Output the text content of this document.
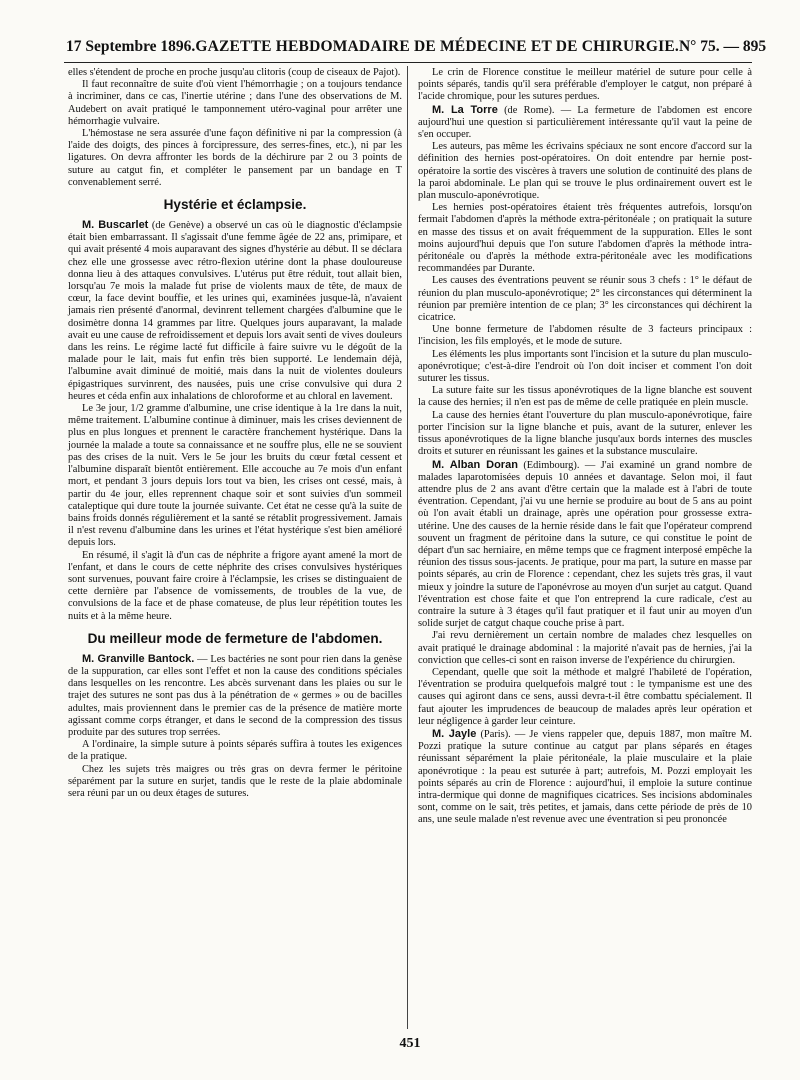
17 Septembre 1896. GAZETTE HEBDOMADAIRE DE MÉDECINE ET DE CHIRURGIE. N° 75. — 895

elles s'étendent de proche en proche jusqu'au clitoris (coup de ciseaux de Pajot).

Il faut reconnaître de suite d'où vient l'hémorrhagie ; on a toujours tendance à incriminer, dans ce cas, l'inertie utérine ; dans l'une des observations de M. Audebert on avait pratiqué le tamponnement utéro-vaginal pour arrêter une hémorrhagie vulvaire.

L'hémostase ne sera assurée d'une façon définitive ni par la compression (à l'aide des doigts, des pinces à forcipressure, des serres-fines, etc.), ni par les ligatures. On devra affronter les bords de la déchirure par 2 ou 3 points de suture au catgut fin, et compléter le pansement par un bandage en T convenablement serré.

Hystérie et éclampsie.

M. Buscarlet (de Genève) a observé un cas où le diagnostic d'éclampsie était bien embarrassant. Il s'agissait d'une femme âgée de 22 ans, primipare, et qui avait présenté 4 mois auparavant des signes d'hystérie au début. Il se déclara chez elle une grossesse avec rétro-flexion utérine dont la phase douloureuse donna lieu à des attaques convulsives. L'utérus put être réduit, tout allait bien, lorsqu'au 7e mois la malade fut prise de violents maux de tête, de maux de cœur, la face devint bouffie, et les urines qui, examinées jusque-là, n'avaient jamais rien présenté d'anormal, devinrent tellement chargées d'albumine que le dosimètre donna 14 grammes par litre. Quelques jours auparavant, la malade avait eu une cause de refroidissement et depuis lors avait senti de vives douleurs dans les reins. Le régime lacté fut difficile à faire suivre vu le dégoût de la malade pour le lait, mais fut enfin très bien supporté. Le lendemain déjà, l'albumine avait diminué de moitié, mais dans la nuit de violentes douleurs épigastriques survinrent, des nausées, puis une crise convulsive qui dura 2 heures et céda enfin aux inhalations de chloroforme et au chloral en lavement.

Le 3e jour, 1/2 gramme d'albumine, une crise identique à la 1re dans la nuit, même traitement. L'albumine continue à diminuer, mais les crises deviennent de plus en plus longues et prennent le caractère franchement hystérique. Dans la journée la malade a toute sa connaissance et ne souffre plus, elle ne se souvient pas des crises de la nuit. Vers le 5e jour les bruits du cœur fœtal cessent et l'albumine disparaît bientôt entièrement. Elle accouche au 7e mois d'un enfant mort, et pendant 3 jours depuis lors tout va bien, les crises ont cessé, mais, à partir du 4e jour, elles reprennent chaque soir et sont suivies d'un sommeil cataleptique qui dure toute la journée suivante. Cet état ne cesse qu'à la suite de bains froids donnés régulièrement et la santé se rétablit progressivement. Jamais il n'est revenu d'albumine dans les urines et l'état hystérique s'est bien amélioré depuis lors.

En résumé, il s'agit là d'un cas de néphrite a frigore ayant amené la mort de l'enfant, et dans le cours de cette néphrite des crises convulsives hystériques sont survenues, pouvant faire croire à l'éclampsie, les crises se distinguaient de cette dernière par l'absence de vomissements, de troubles de la vue, de convulsions de la face et de phase comateuse, de plus leur répétition toutes les nuits et à la même heure.

Du meilleur mode de fermeture de l'abdomen.

M. Granville Bantock. — Les bactéries ne sont pour rien dans la genèse de la suppuration, car elles sont l'effet et non la cause des conditions spéciales dans lesquelles on les rencontre. Les abcès survenant dans les plaies ou sur le trajet des sutures ne sont pas dus à la pénétration de « germes » ou de bacilles adultes, mais proviennent dans le premier cas de la présence de matière morte agissant comme corps étranger, et dans le second de la compression des tissus produite par des sutures trop serrées.

A l'ordinaire, la simple suture à points séparés suffira à toutes les exigences de la pratique.

Chez les sujets très maigres ou très gras on devra fermer le péritoine séparément par la suture en surjet, tandis que le reste de la plaie abdominale sera réuni par un ou deux étages de sutures.

Le crin de Florence constitue le meilleur matériel de suture pour celle à points séparés, tandis qu'il sera préférable d'employer le catgut, non préparé à l'acide chromique, pour les sutures perdues.

M. La Torre (de Rome). — La fermeture de l'abdomen est encore aujourd'hui une question si particulièrement intéressante qu'il vaut la peine de s'en occuper.

Les auteurs, pas même les écrivains spéciaux ne sont encore d'accord sur la définition des hernies post-opératoires. On doit entendre par hernie post-opératoire la sortie des viscères à travers une solution de continuité des plans de la paroi abdominale. Le plan qui se trouve le plus ordinairement ouvert est le plan musculo-aponévrotique.

Les hernies post-opératoires étaient très fréquentes autrefois, lorsqu'on fermait l'abdomen d'après la méthode extra-péritonéale ; on pratiquait la suture en masse des tissus et on avait fréquemment de la suppuration. Elles le sont moins aujourd'hui depuis que l'on suture l'abdomen d'après la méthode intra-péritonéale ou d'après la méthode extra-péritonéale avec les modifications recommandées par Durante.

Les causes des éventrations peuvent se réunir sous 3 chefs : 1° le défaut de réunion du plan musculo-aponévrotique; 2° les circonstances qui déterminent la réunion par première intention de ce plan; 3° les circonstances qui déchirent la cicatrice.

Une bonne fermeture de l'abdomen résulte de 3 facteurs principaux : l'incision, les fils employés, et le mode de suture.

Les éléments les plus importants sont l'incision et la suture du plan musculo-aponévrotique; c'est-à-dire l'endroit où l'on doit inciser et comment l'on doit suturer les tissus.

La suture faite sur les tissus aponévrotiques de la ligne blanche est souvent la cause des hernies; il n'en est pas de même de celle pratiquée en plein muscle.

La cause des hernies étant l'ouverture du plan musculo-aponévrotique, faire porter l'incision sur la ligne blanche et puis, avant de la suturer, enlever les tissus aponévrotiques de la ligne blanche jusqu'aux bords internes des muscles droits et suturer en réunissant les gaines et la substance musculaire.

M. Alban Doran (Edimbourg). — J'ai examiné un grand nombre de malades laparotomisées depuis 10 années et davantage. Selon moi, il faut attendre plus de 2 ans avant d'être certain que la malade est à l'abri de toute éventration. Cependant, j'ai vu une hernie se produire au bout de 5 ans au point où l'on avait établi un drainage, après une opération pour grossesse extra-utérine. Une des causes de la hernie réside dans le fait que l'opérateur comprend souvent un fragment de péritoine dans la suture, ce qui constitue le point de départ d'un sac herniaire, en même temps que ce fragment interposé empêche la réunion des tissus sous-jacents. Je pratique, pour ma part, la suture en masse par points séparés, au crin de Florence : cependant, chez les sujets très gras, il vaut mieux y joindre la suture de l'aponévrose au moyen d'un surjet au catgut. Quand l'éventration est chose faite et que l'on entreprend la cure radicale, c'est au contraire la suture à 3 étages qu'il faut pratiquer et il faut unir au moyen d'un solide surjet de catgut chaque couche prise à part.

J'ai revu dernièrement un certain nombre de malades chez lesquelles on avait pratiqué le drainage abdominal : la majorité n'avait pas de hernies, j'ai la conviction que celles-ci sont en raison inverse de l'expérience du chirurgien.

Cependant, quelle que soit la méthode et malgré l'habileté de l'opération, l'éventration se produira quelquefois malgré tout : le tympanisme est une des causes qui agiront dans ce sens, aussi devra-t-il être combattu spécialement. Il faut ajouter les imprudences de beaucoup de malades après leur opération et leur négligence à garder leur ceinture.

M. Jayle (Paris). — Je viens rappeler que, depuis 1887, mon maître M. Pozzi pratique la suture continue au catgut par plans séparés en étages réunissant séparément la plaie péritonéale, la plaie musculaire et la plaie aponévrotique : la peau est suturée à part; autrefois, M. Pozzi employait les points séparés au crin de Florence : aujourd'hui, il emploie la suture continue intra-dermique qui donne de magnifiques cicatrices. Ses incisions abdominales sont, comme on le sait, très petites, et jamais, dans cette période de près de 10 ans, une seule malade n'est revenue avec une éventration si peu prononcée

451
